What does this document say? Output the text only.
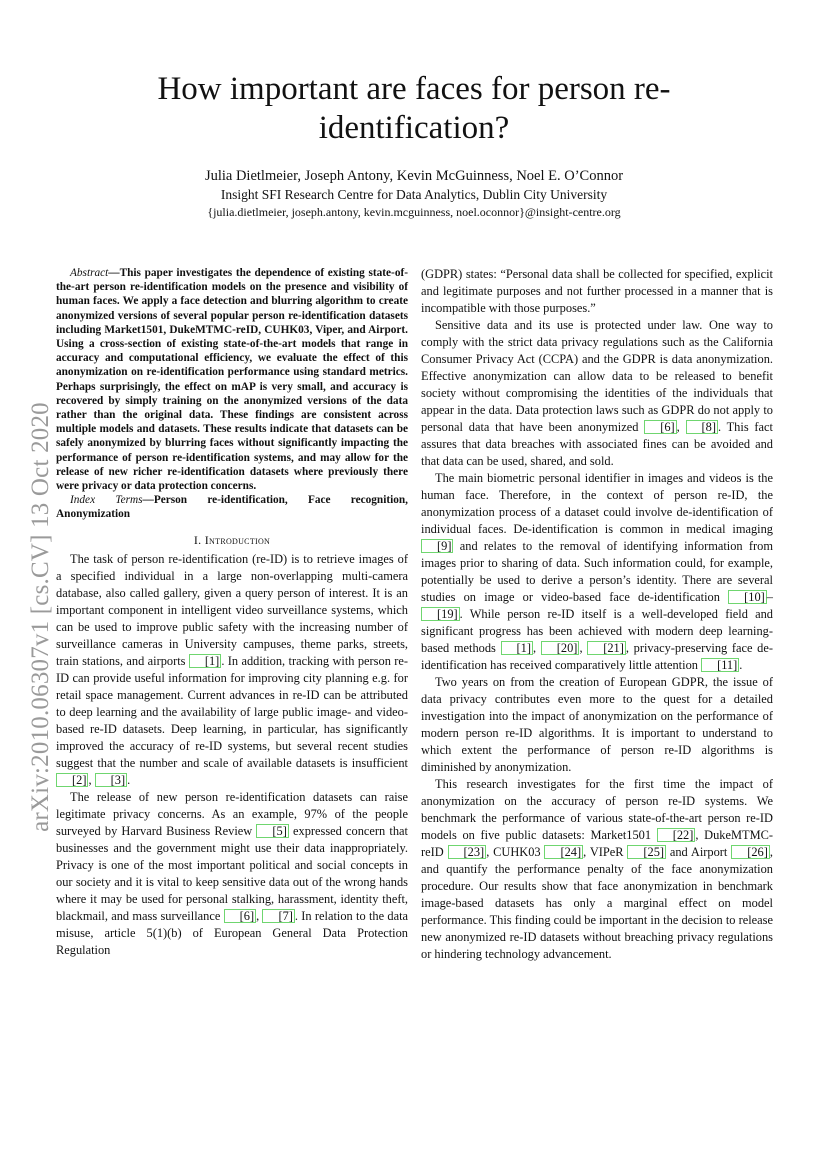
arXiv:2010.06307v1 [cs.CV] 13 Oct 2020
How important are faces for person re-identification?
Julia Dietlmeier, Joseph Antony, Kevin McGuinness, Noel E. O’Connor
Insight SFI Research Centre for Data Analytics, Dublin City University
{julia.dietlmeier, joseph.antony, kevin.mcguinness, noel.oconnor}@insight-centre.org

Abstract—This paper investigates the dependence of existing state-of-the-art person re-identification models on the presence and visibility of human faces. We apply a face detection and blurring algorithm to create anonymized versions of several popular person re-identification datasets including Market1501, DukeMTMC-reID, CUHK03, Viper, and Airport. Using a cross-section of existing state-of-the-art models that range in accuracy and computational efficiency, we evaluate the effect of this anonymization on re-identification performance using standard metrics. Perhaps surprisingly, the effect on mAP is very small, and accuracy is recovered by simply training on the anonymized versions of the data rather than the original data. These findings are consistent across multiple models and datasets. These results indicate that datasets can be safely anonymized by blurring faces without significantly impacting the performance of person re-identification systems, and may allow for the release of new richer re-identification datasets where previously there were privacy or data protection concerns.

Index Terms—Person re-identification, Face recognition, Anonymization

I. Introduction

The task of person re-identification (re-ID) is to retrieve images of a specified individual in a large non-overlapping multi-camera database, also called gallery, given a query person of interest. It is an important component in intelligent video surveillance systems, which can be used to improve public safety with the increasing number of surveillance cameras in University campuses, theme parks, streets, train stations, and airports [1] . In addition, tracking with person re-ID can provide useful information for improving city planning e.g. for retail space management. Current advances in re-ID can be attributed to deep learning and the availability of large public image- and video-based re-ID datasets. Deep learning, in particular, has significantly improved the accuracy of re-ID systems, but several recent studies suggest that the number and scale of available datasets is insufficient [2] , [3] .

The release of new person re-identification datasets can raise legitimate privacy concerns. As an example, 97% of the people surveyed by Harvard Business Review [5] expressed concern that businesses and the government might use their data inappropriately. Privacy is one of the most important political and social concepts in our society and it is vital to keep sensitive data out of the wrong hands where it may be used for personal stalking, harassment, identity theft, blackmail, and mass surveillance [6] , [7] . In relation to the data misuse, article 5(1)(b) of European General Data Protection Regulation

(GDPR) states: “Personal data shall be collected for specified, explicit and legitimate purposes and not further processed in a manner that is incompatible with those purposes.”

Sensitive data and its use is protected under law. One way to comply with the strict data privacy regulations such as the California Consumer Privacy Act (CCPA) and the GDPR is data anonymization. Effective anonymization can allow data to be released to benefit society without compromising the identities of the individuals that appear in the data. Data protection laws such as GDPR do not apply to personal data that have been anonymized [6] , [8] . This fact assures that data breaches with associated fines can be avoided and that data can be used, shared, and sold.

The main biometric personal identifier in images and videos is the human face. Therefore, in the context of person re-ID, the anonymization process of a dataset could involve de-identification of individual faces. De-identification is common in medical imaging [9] and relates to the removal of identifying information from images prior to sharing of data. Such information could, for example, potentially be used to derive a person’s identity. There are several studies on image or video-based face de-identification [10] –[19] . While person re-ID itself is a well-developed field and significant progress has been achieved with modern deep learning-based methods [1] , [20] , [21] , privacy-preserving face de-identification has received comparatively little attention [11] .

Two years on from the creation of European GDPR, the issue of data privacy contributes even more to the quest for a detailed investigation into the impact of anonymization on the performance of modern person re-ID algorithms. It is important to understand to which extent the performance of person re-ID algorithms is diminished by anonymization.

This research investigates for the first time the impact of anonymization on the accuracy of person re-ID systems. We benchmark the performance of various state-of-the-art person re-ID models on five public datasets: Market1501 [22] , DukeMTMC-reID [23] , CUHK03 [24] , VIPeR [25] and Airport [26] , and quantify the performance penalty of the face anonymization procedure. Our results show that face anonymization in benchmark image-based datasets has only a marginal effect on model performance. This finding could be important in the decision to release new anonymized re-ID datasets without breaching privacy regulations or hindering technology advancement.
